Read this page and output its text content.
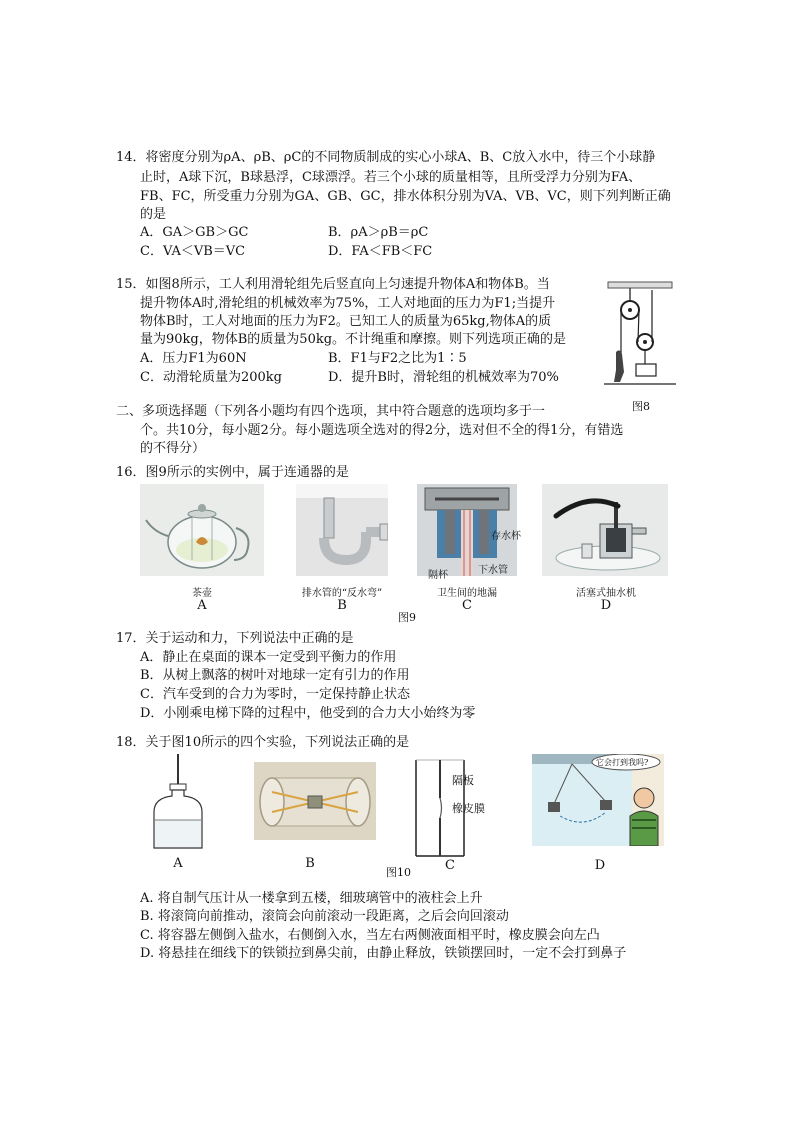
14．将密度分别为ρA、ρB、ρC的不同物质制成的实心小球A、B、C放入水中，待三个小球静
止时，A球下沉，B球悬浮，C球漂浮。若三个小球的质量相等，且所受浮力分别为FA、
FB、FC，所受重力分别为GA、GB、GC，排水体积分别为VA、VB、VC，则下列判断正确
的是
A．GA＞GB＞GC	B．ρA＞ρB＝ρC
C．VA＜VB＝VC	D．FA＜FB＜FC
15．如图8所示，工人利用滑轮组先后竖直向上匀速提升物体A和物体B。当
提升物体A时,滑轮组的机械效率为75%，工人对地面的压力为F1;当提升
物体B时，工人对地面的压力为F2。已知工人的质量为65kg,物体A的质
量为90kg，物体B的质量为50kg。不计绳重和摩擦。则下列选项正确的是
A．压力F1为60N	B．F1与F2之比为1∶5
C．动滑轮质量为200kg	D．提升B时，滑轮组的机械效率为70%
图8
二、多项选择题（下列各小题均有四个选项，其中符合题意的选项均多于一
个。共10分，每小题2分。每小题选项全选对的得2分，选对但不全的得1分，有错选
的不得分）
16．图9所示的实例中，属于连通器的是
茶壶
A
排水管的“反水弯”
B
存水杯
下水管
隔杯
卫生间的地漏
C
活塞式抽水机
D
图9
17．关于运动和力，下列说法中正确的是
A．静止在桌面的课本一定受到平衡力的作用
B．从树上飘落的树叶对地球一定有引力的作用
C．汽车受到的合力为零时，一定保持静止状态
D．小刚乘电梯下降的过程中，他受到的合力大小始终为零
18．关于图10所示的四个实验，下列说法正确的是
A	B
隔板
橡皮膜
C
图10
它会打到我吗?
D
A. 将自制气压计从一楼拿到五楼，细玻璃管中的液柱会上升
B. 将滚筒向前推动，滚筒会向前滚动一段距离，之后会向回滚动
C. 将容器左侧倒入盐水，右侧倒入水，当左右两侧液面相平时，橡皮膜会向左凸
D. 将悬挂在细线下的铁锁拉到鼻尖前，由静止释放，铁锁摆回时，一定不会打到鼻子
